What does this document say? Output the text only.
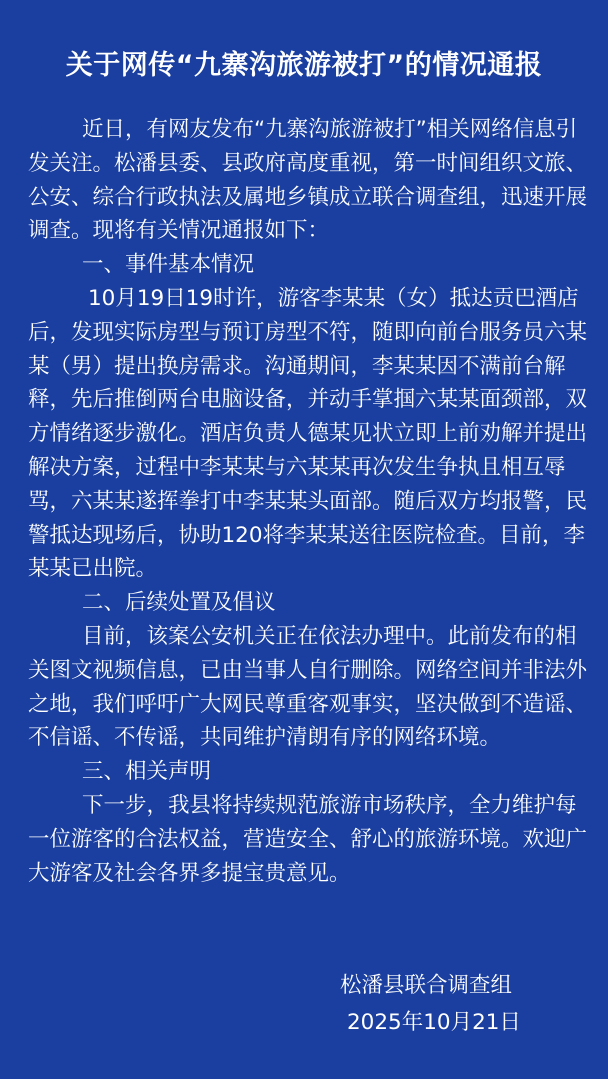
关于网传“九寨沟旅游被打”的情况通报

近日，有网友发布“九寨沟旅游被打”相关网络信息引发关注。松潘县委、县政府高度重视，第一时间组织文旅、公安、综合行政执法及属地乡镇成立联合调查组，迅速开展调查。现将有关情况通报如下：

一、事件基本情况

10月19日19时许，游客李某某（女）抵达贡巴酒店后，发现实际房型与预订房型不符，随即向前台服务员六某某（男）提出换房需求。沟通期间，李某某因不满前台解释，先后推倒两台电脑设备，并动手掌掴六某某面颈部，双方情绪逐步激化。酒店负责人德某见状立即上前劝解并提出解决方案，过程中李某某与六某某再次发生争执且相互辱骂，六某某遂挥拳打中李某某头面部。随后双方均报警，民警抵达现场后，协助120将李某某送往医院检查。目前，李某某已出院。

二、后续处置及倡议

目前，该案公安机关正在依法办理中。此前发布的相关图文视频信息，已由当事人自行删除。网络空间并非法外之地，我们呼吁广大网民尊重客观事实，坚决做到不造谣、不信谣、不传谣，共同维护清朗有序的网络环境。

三、相关声明

下一步，我县将持续规范旅游市场秩序，全力维护每一位游客的合法权益，营造安全、舒心的旅游环境。欢迎广大游客及社会各界多提宝贵意见。

松潘县联合调查组
2025年10月21日
